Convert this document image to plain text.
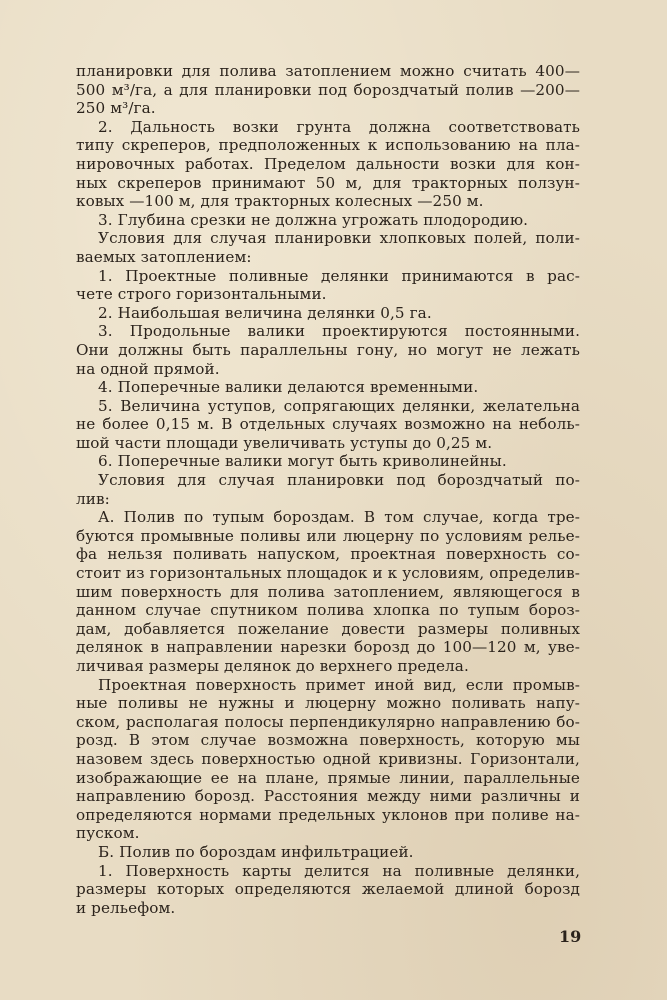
планировки для полива затоплением можно считать 400—
500 м³/га, а для планировки под бороздчатый полив —200—
250 м³/га.
2. Дальность возки грунта должна соответствовать
типу скреперов, предположенных к использованию на пла-
нировочных работах. Пределом дальности возки для кон-
ных скреперов принимают 50 м, для тракторных ползун-
ковых —100 м, для тракторных колесных —250 м.
3. Глубина срезки не должна угрожать плодородию.
Условия для случая планировки хлопковых полей, поли-
ваемых затоплением:
1. Проектные поливные делянки принимаются в рас-
чете строго горизонтальными.
2. Наибольшая величина делянки 0,5 га.
3. Продольные валики проектируются постоянными.
Они должны быть параллельны гону, но могут не лежать
на одной прямой.
4. Поперечные валики делаются временными.
5. Величина уступов, сопрягающих делянки, желательна
не более 0,15 м. В отдельных случаях возможно на неболь-
шой части площади увеличивать уступы до 0,25 м.
6. Поперечные валики могут быть криволинейны.
Условия для случая планировки под бороздчатый по-
лив:
А. Полив по тупым бороздам. В том случае, когда тре-
буются промывные поливы или люцерну по условиям релье-
фа нельзя поливать напуском, проектная поверхность со-
стоит из горизонтальных площадок и к условиям, определив-
шим поверхность для полива затоплением, являющегося в
данном случае спутником полива хлопка по тупым бороз-
дам, добавляется пожелание довести размеры поливных
делянок в направлении нарезки борозд до 100—120 м, уве-
личивая размеры делянок до верхнего предела.
Проектная поверхность примет иной вид, если промыв-
ные поливы не нужны и люцерну можно поливать напу-
ском, располагая полосы перпендикулярно направлению бо-
розд. В этом случае возможна поверхность, которую мы
назовем здесь поверхностью одной кривизны. Горизонтали,
изображающие ее на плане, прямые линии, параллельные
направлению борозд. Расстояния между ними различны и
определяются нормами предельных уклонов при поливе на-
пуском.
Б. Полив по бороздам инфильтрацией.
1. Поверхность карты делится на поливные делянки,
размеры которых определяются желаемой длиной борозд
и рельефом.
19
